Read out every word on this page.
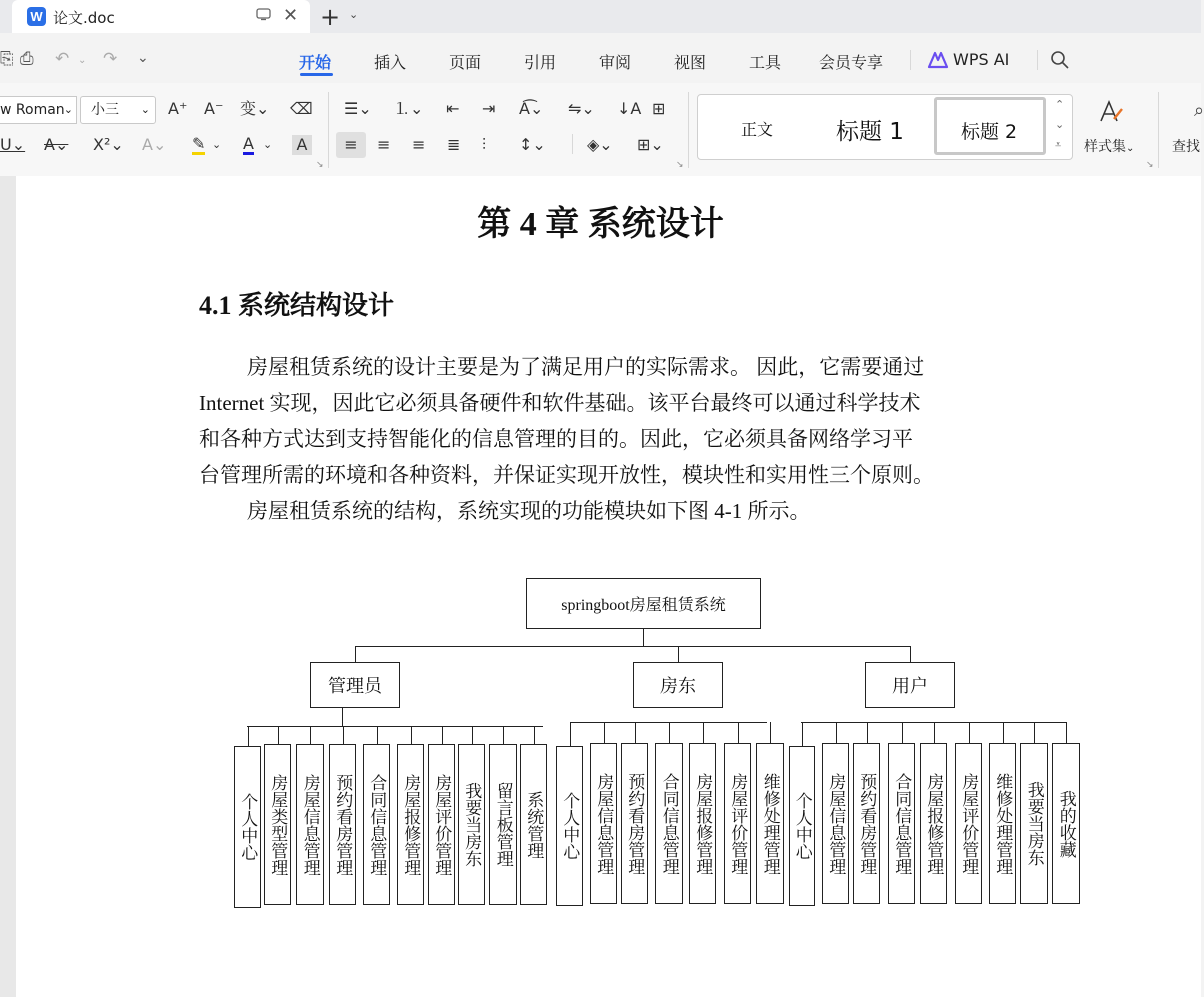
W 论文.doc	✕ + ⌄
⎘ ⎙ ↶ ⌄ ↷ ⌄	开始	插入	页面	引用	审阅	视图	工具 会员专享	WPS AI
w Roman ⌄	小三 ⌄ A⁺ A⁻ 变⌄ ⌫
U⌄ A⌄ X²⌄ A⌄ ✎ ⌄ A ⌄ A
↘
☰⌄ ⒈⌄ ⇤ ⇥ A͡⌄ ⇋⌄ ↓A ⊞
≡	≡ ≡ ≣ ⫶ ↕⌄	◈⌄ ⊞⌄
↘
正文	标题 1	标题 2
⌃
⌄
⩡ 样式集⌄
↘
⌕
查找
第 4 章 系统设计
4.1 系统结构设计
房屋租赁系统的设计主要是为了满足用户的实际需求。 因此，它需要通过
Internet 实现，因此它必须具备硬件和软件基础。该平台最终可以通过科学技术
和各种方式达到支持智能化的信息管理的目的。因此，它必须具备网络学习平
台管理所需的环境和各种资料，并保证实现开放性，模块性和实用性三个原则。
房屋租赁系统的结构，系统实现的功能模块如下图 4-1 所示。
springboot房屋租赁系统
管理员	房东	用户
个人中心 房屋类型管理 房屋信息管理 预约看房管理 合同信息管理 房屋报修管理 房屋评价管理 我要当房东 留言板管理 系统管理 个人中心 房屋信息管理 预约看房管理 合同信息管理 房屋报修管理 房屋评价管理 维修处理管理 个人中心 房屋信息管理 预约看房管理 合同信息管理 房屋报修管理 房屋评价管理 维修处理管理 我要当房东 我的收藏
